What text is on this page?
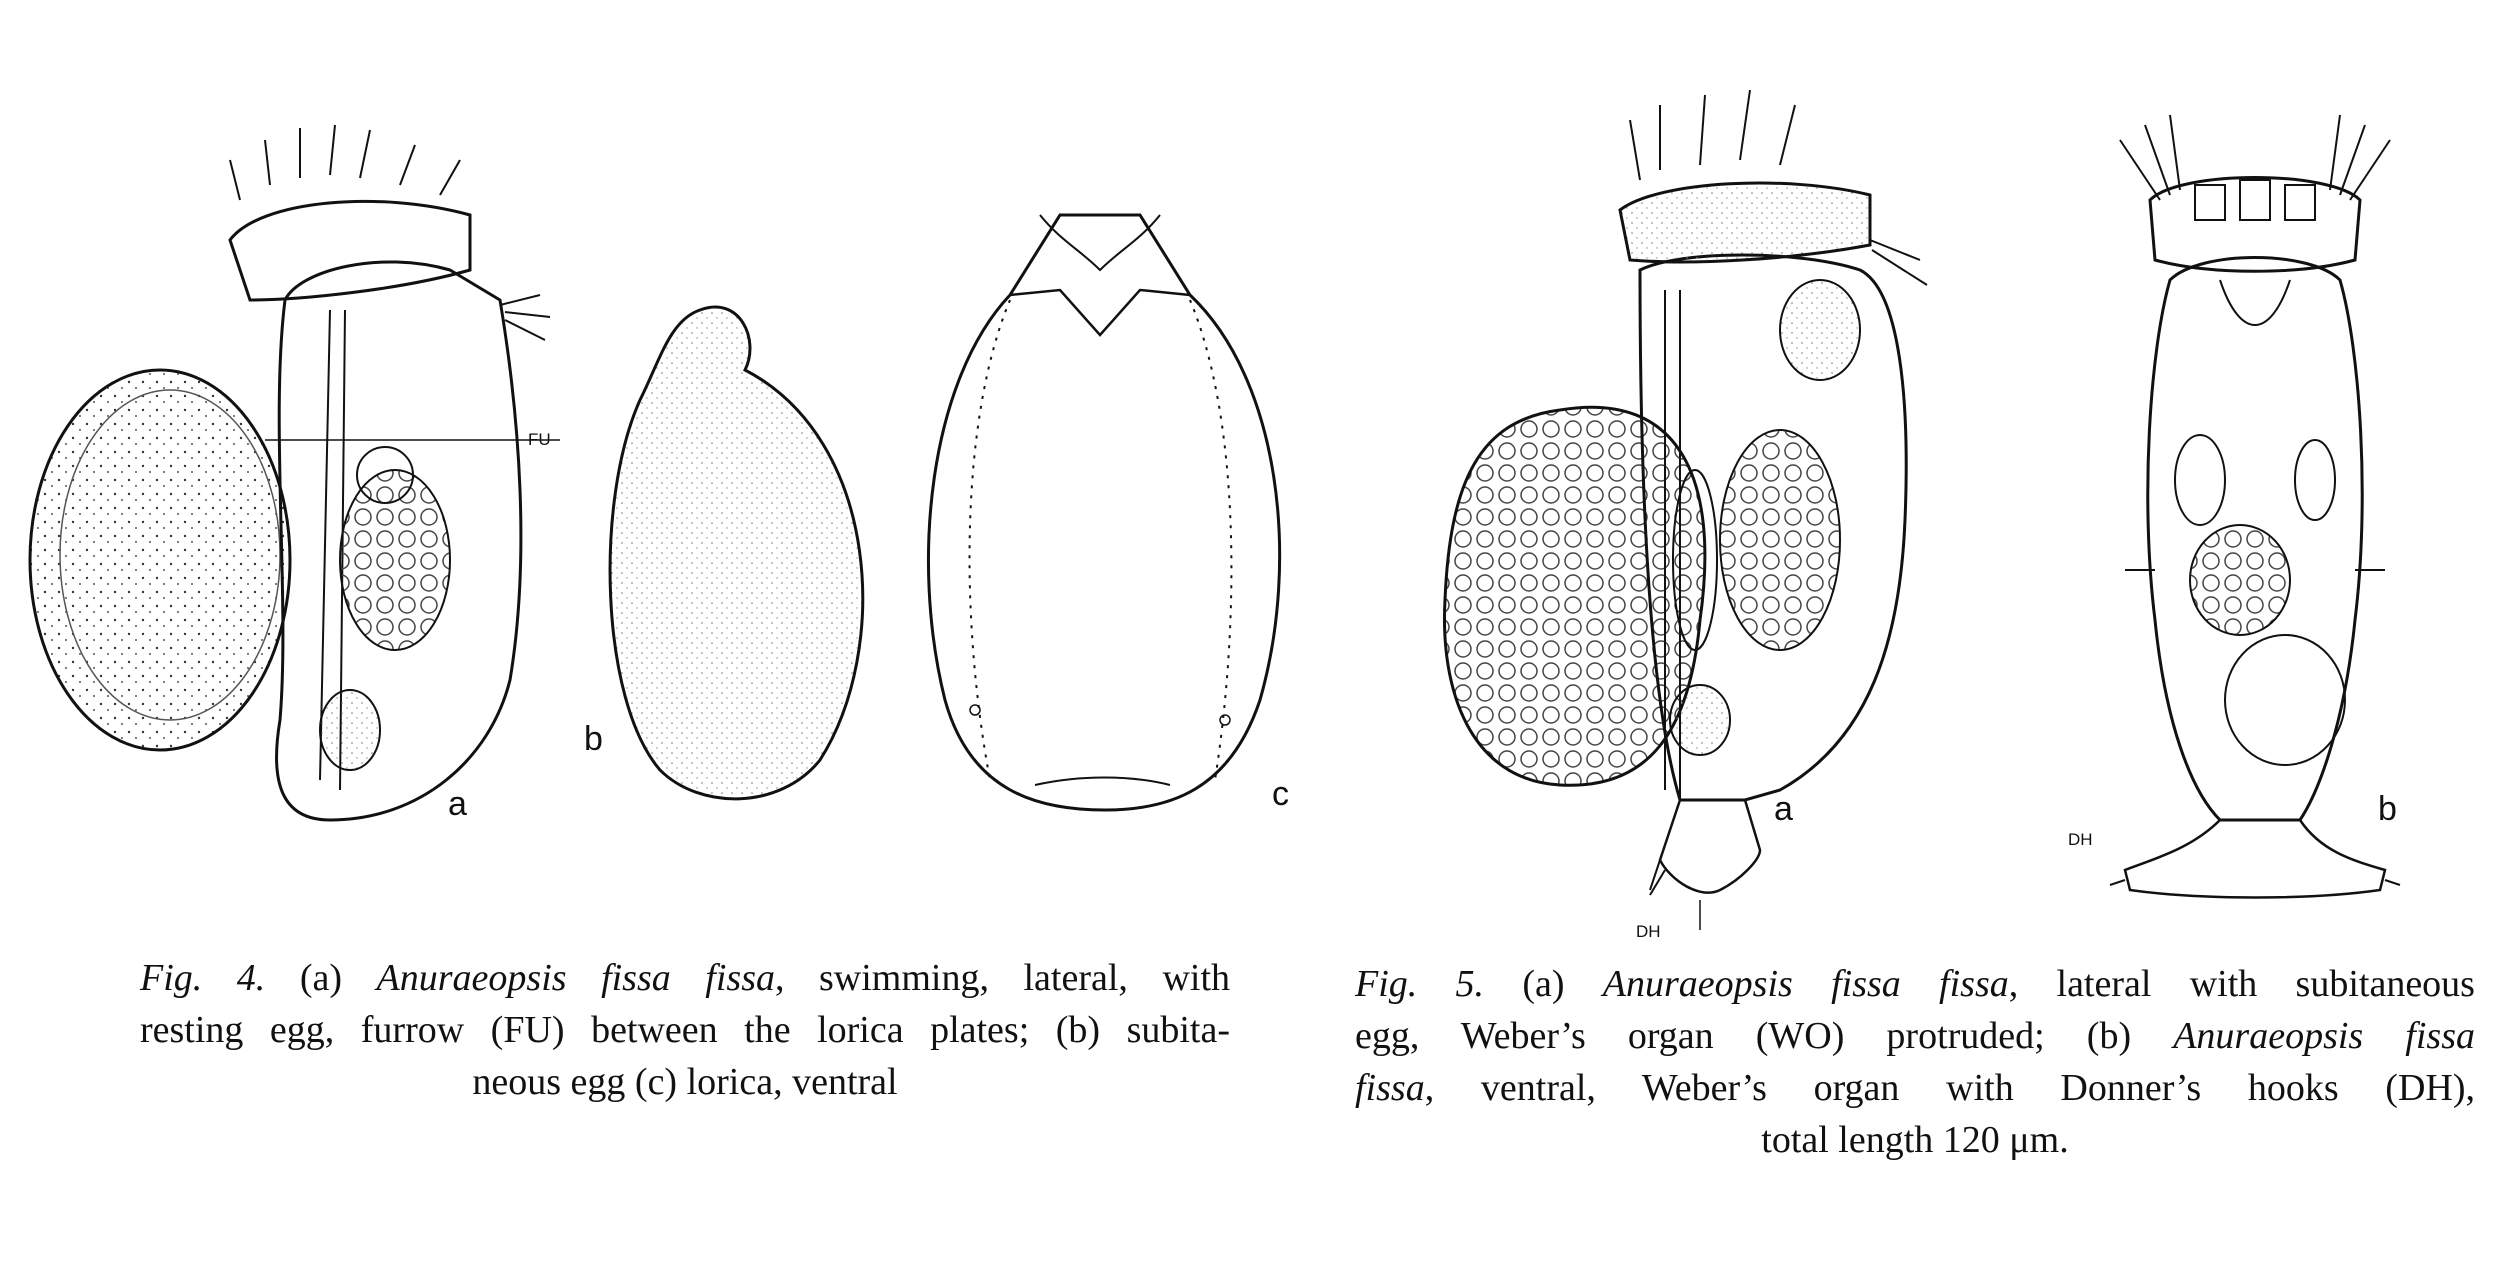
a
b
c
FU
a	b
DH
DH
Fig. 4. (a) Anuraeopsis fissa fissa, swimming, lateral, with
resting egg, furrow (FU) between the lorica plates; (b) subita-
neous egg (c) lorica, ventral
Fig. 5. (a) Anuraeopsis fissa fissa, lateral with subitaneous
egg, Weber’s organ (WO) protruded; (b) Anuraeopsis fissa
fissa, ventral, Weber’s organ with Donner’s hooks (DH),
total length 120 μm.
